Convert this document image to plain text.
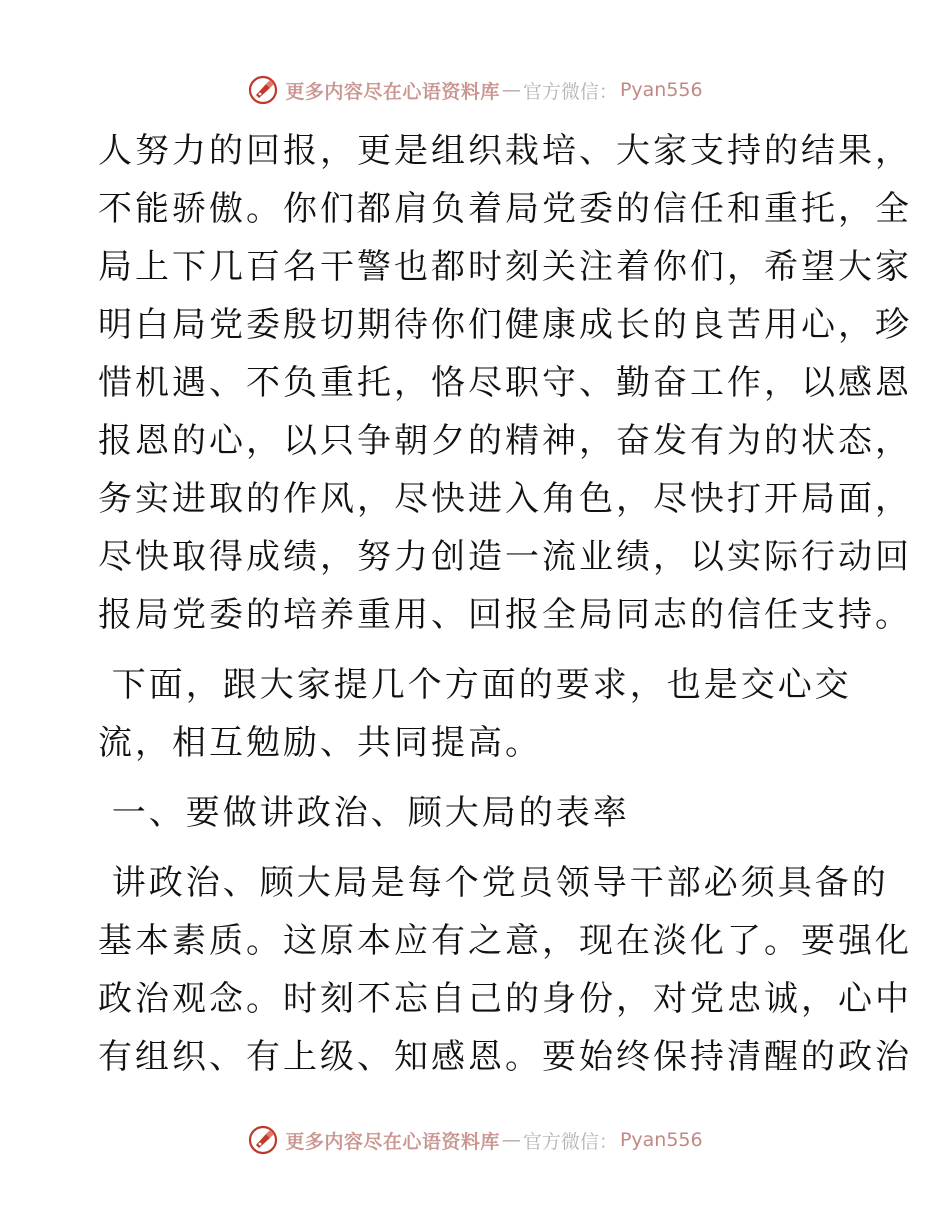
更多内容尽在心语资料库 — 官方微信： Pyan556

人努力的回报，更是组织栽培、大家支持的结果，
不能骄傲。你们都肩负着局党委的信任和重托，全
局上下几百名干警也都时刻关注着你们，希望大家
明白局党委殷切期待你们健康成长的良苦用心，珍
惜机遇、不负重托，恪尽职守、勤奋工作，以感恩
报恩的心，以只争朝夕的精神，奋发有为的状态，
务实进取的作风，尽快进入角色，尽快打开局面，
尽快取得成绩，努力创造一流业绩，以实际行动回
报局党委的培养重用、回报全局同志的信任支持。

下面，跟大家提几个方面的要求，也是交心交
流，相互勉励、共同提高。

一、要做讲政治、顾大局的表率

讲政治、顾大局是每个党员领导干部必须具备的
基本素质。这原本应有之意，现在淡化了。要强化
政治观念。时刻不忘自己的身份，对党忠诚，心中
有组织、有上级、知感恩。要始终保持清醒的政治

更多内容尽在心语资料库 — 官方微信： Pyan556
